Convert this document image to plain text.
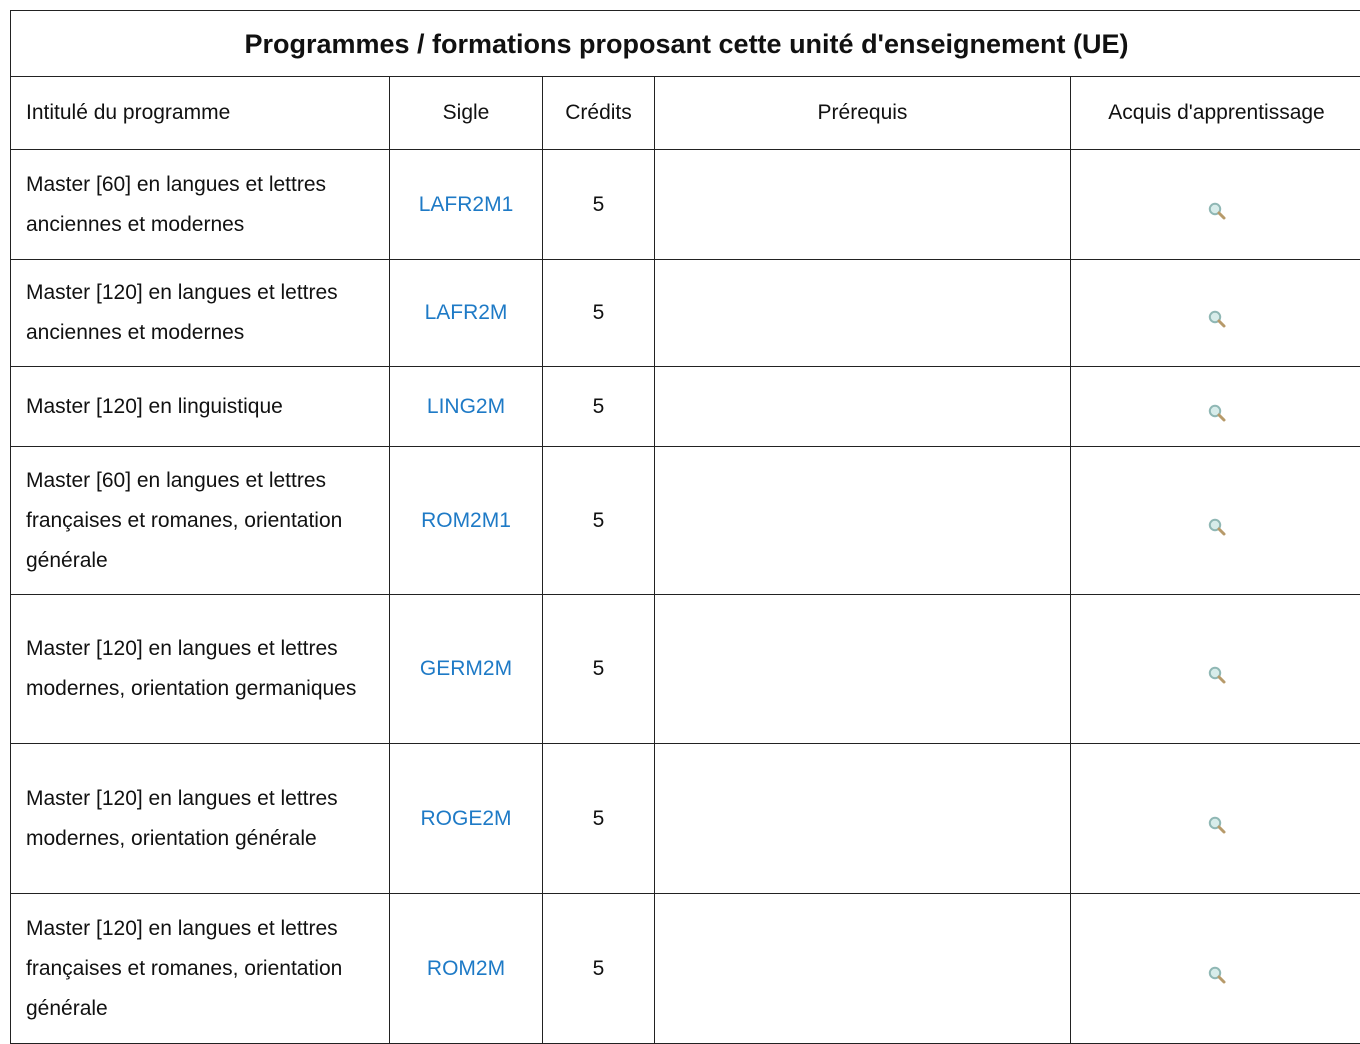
Programmes / formations proposant cette unité d'enseignement (UE)				
Intitulé du programme	Sigle	Crédits	Prérequis	Acquis d'apprentissage
Master [60] en langues et lettres anciennes et modernes	LAFR2M1	5		
Master [120] en langues et lettres anciennes et modernes	LAFR2M	5		
Master [120] en linguistique	LING2M	5		
Master [60] en langues et lettres françaises et romanes, orientation générale	ROM2M1	5		
Master [120] en langues et lettres modernes, orientation germaniques	GERM2M	5		
Master [120] en langues et lettres modernes, orientation générale	ROGE2M	5		
Master [120] en langues et lettres françaises et romanes, orientation générale	ROM2M	5		
